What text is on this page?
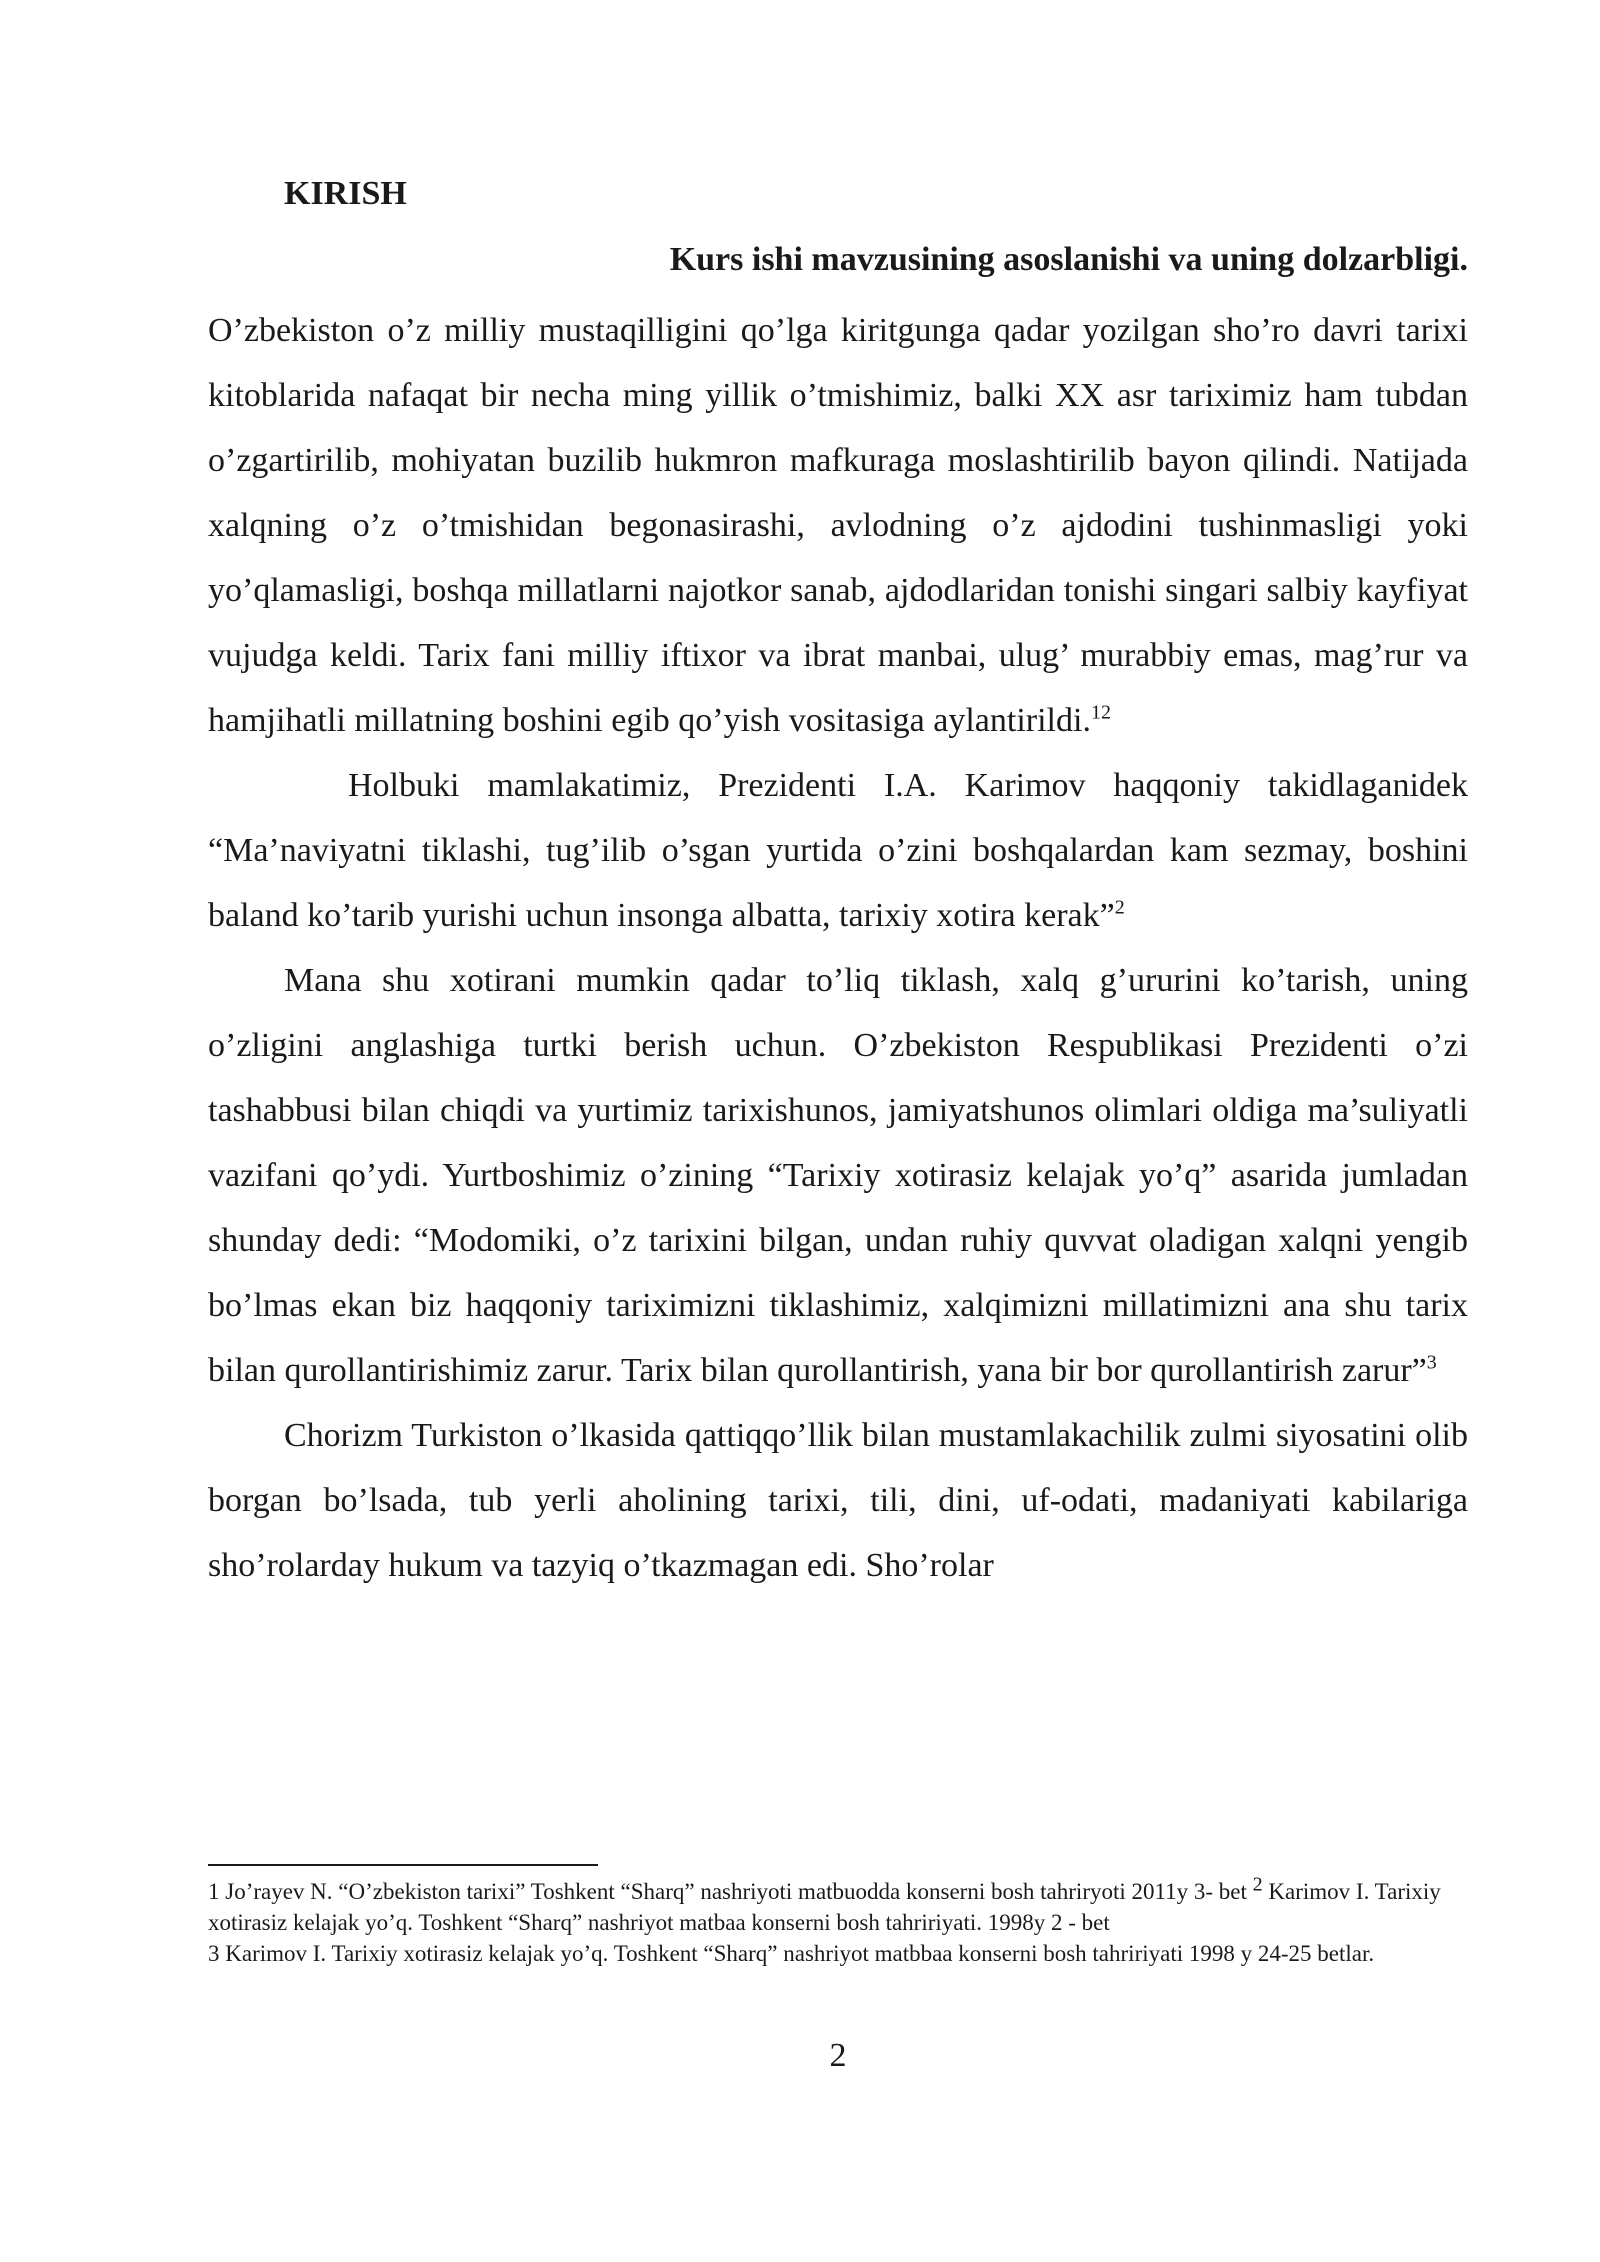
KIRISH
Kurs ishi mavzusining asoslanishi va uning dolzarbligi.

O’zbekiston o’z milliy mustaqilligini qo’lga kiritgunga qadar yozilgan sho’ro davri tarixi kitoblarida nafaqat bir necha ming yillik o’tmishimiz, balki XX asr tariximiz ham tubdan o’zgartirilib, mohiyatan buzilib hukmron mafkuraga moslashtirilib bayon qilindi. Natijada xalqning o’z o’tmishidan begonasirashi, avlodning o’z ajdodini tushinmasligi yoki yo’qlamasligi, boshqa millatlarni najotkor sanab, ajdodlaridan tonishi singari salbiy kayfiyat vujudga keldi. Tarix fani milliy iftixor va ibrat manbai, ulug’ murabbiy emas, mag’rur va hamjihatli millatning boshini egib qo’yish vositasiga aylantirildi.$^{12}$

Holbuki mamlakatimiz, Prezidenti I.A. Karimov haqqoniy takidlaganidek “Ma’naviyatni tiklashi, tug’ilib o’sgan yurtida o’zini boshqalardan kam sezmay, boshini baland ko’tarib yurishi uchun insonga albatta, tarixiy xotira kerak”$^2$

Mana shu xotirani mumkin qadar to’liq tiklash, xalq g’ururini ko’tarish, uning o’zligini anglashiga turtki berish uchun. O’zbekiston Respublikasi Prezidenti o’zi tashabbusi bilan chiqdi va yurtimiz tarixishunos, jamiyatshunos olimlari oldiga ma’suliyatli vazifani qo’ydi. Yurtboshimiz o’zining “Tarixiy xotirasiz kelajak yo’q” asarida jumladan shunday dedi: “Modomiki, o’z tarixini bilgan, undan ruhiy quvvat oladigan xalqni yengib bo’lmas ekan biz haqqoniy tariximizni tiklashimiz, xalqimizni millatimizni ana shu tarix bilan qurollantirishimiz zarur. Tarix bilan qurollantirish, yana bir bor qurollantirish zarur”$^3$

Chorizm Turkiston o’lkasida qattiqqo’llik bilan mustamlakachilik zulmi siyosatini olib borgan bo’lsada, tub yerli aholining tarixi, tili, dini, uf-odati, madaniyati kabilariga sho’rolarday hukum va tazyiq o’tkazmagan edi. Sho’rolar

1 Jo’rayev N. “O’zbekiston tarixi” Toshkent “Sharq” nashriyoti matbuodda konserni bosh tahriryoti 2011y 3- bet $^2$ Karimov I. Tarixiy xotirasiz kelajak yo’q. Toshkent “Sharq” nashriyot matbaa konserni bosh tahririyati. 1998y 2 - bet

3 Karimov I. Tarixiy xotirasiz kelajak yo’q. Toshkent “Sharq” nashriyot matbbaa konserni bosh tahririyati 1998 y 24-25 betlar.

2
